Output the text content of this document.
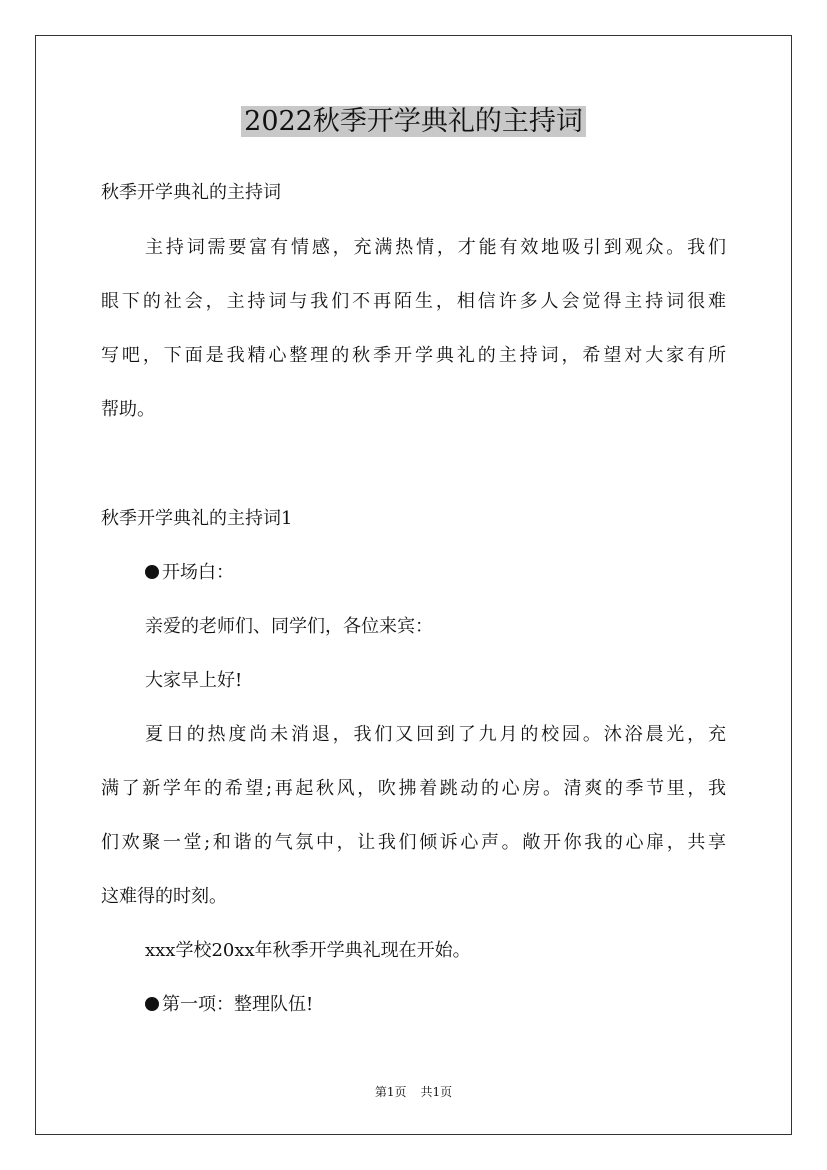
2022秋季开学典礼的主持词

秋季开学典礼的主持词

主持词需要富有情感，充满热情，才能有效地吸引到观众。我们

眼下的社会，主持词与我们不再陌生，相信许多人会觉得主持词很难

写吧，下面是我精心整理的秋季开学典礼的主持词，希望对大家有所

帮助。

秋季开学典礼的主持词1

开场白：

亲爱的老师们、同学们，各位来宾：

大家早上好!

夏日的热度尚未消退，我们又回到了九月的校园。沐浴晨光，充

满了新学年的希望;再起秋风，吹拂着跳动的心房。清爽的季节里，我

们欢聚一堂;和谐的气氛中，让我们倾诉心声。敞开你我的心扉，共享

这难得的时刻。

xxx学校20xx年秋季开学典礼现在开始。

第一项：整理队伍!

第1页 共1页
